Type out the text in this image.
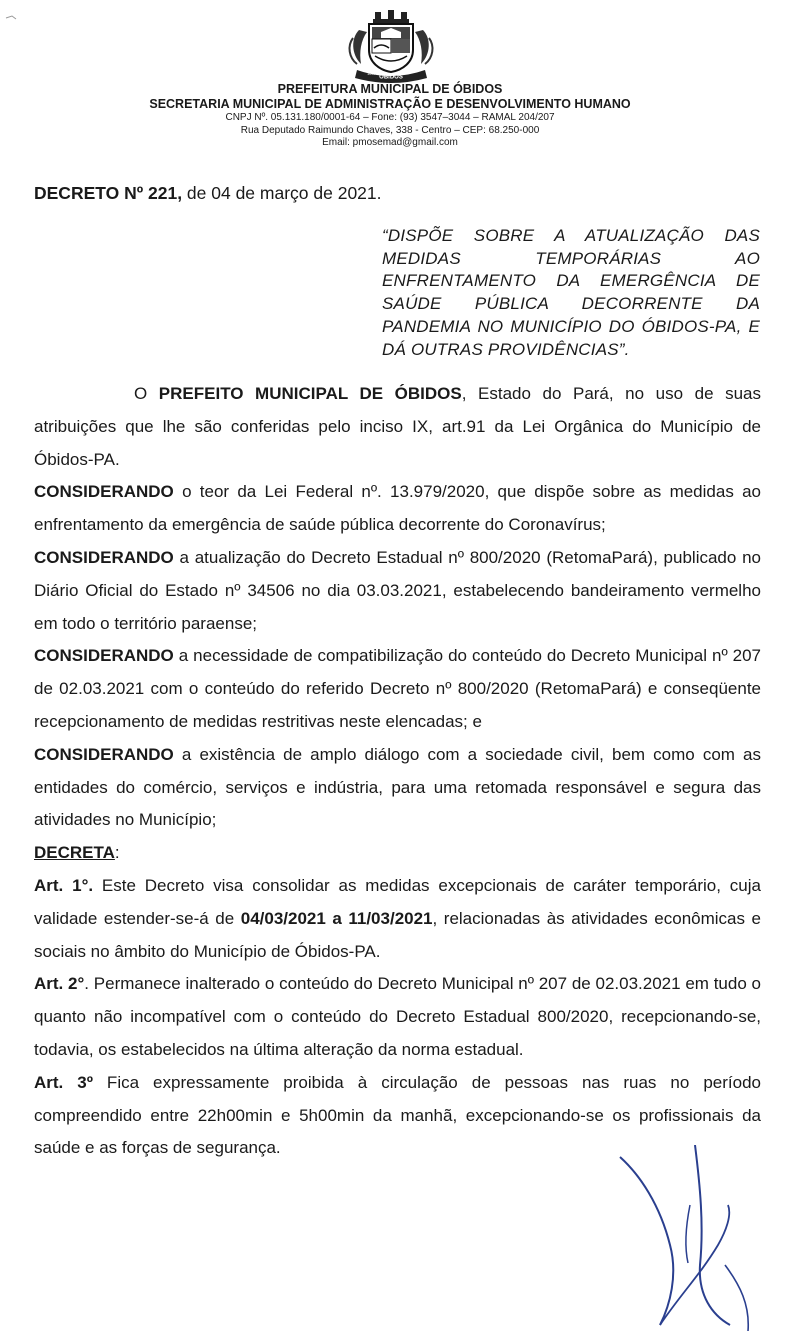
ÓBIDOS
1697 · 1758
PREFEITURA MUNICIPAL DE ÓBIDOS
SECRETARIA MUNICIPAL DE ADMINISTRAÇÃO E DESENVOLVIMENTO HUMANO
CNPJ Nº. 05.131.180/0001-64 – Fone: (93) 3547–3044 – RAMAL 204/207
Rua Deputado Raimundo Chaves, 338 - Centro – CEP: 68.250-000
Email: pmosemad@gmail.com
DECRETO Nº 221, de 04 de março de 2021.
“DISPÕE SOBRE A ATUALIZAÇÃO DAS MEDIDAS TEMPORÁRIAS AO ENFRENTAMENTO DA EMERGÊNCIA DE SAÚDE PÚBLICA DECORRENTE DA PANDEMIA NO MUNICÍPIO DO ÓBIDOS-PA, E DÁ OUTRAS PROVIDÊNCIAS”.

O PREFEITO MUNICIPAL DE ÓBIDOS, Estado do Pará, no uso de suas atribuições que lhe são conferidas pelo inciso IX, art.91 da Lei Orgânica do Município de Óbidos-PA.

CONSIDERANDO o teor da Lei Federal nº. 13.979/2020, que dispõe sobre as medidas ao enfrentamento da emergência de saúde pública decorrente do Coronavírus;

CONSIDERANDO a atualização do Decreto Estadual nº 800/2020 (RetomaPará), publicado no Diário Oficial do Estado nº 34506 no dia 03.03.2021, estabelecendo bandeiramento vermelho em todo o território paraense;

CONSIDERANDO a necessidade de compatibilização do conteúdo do Decreto Municipal nº 207 de 02.03.2021 com o conteúdo do referido Decreto nº 800/2020 (RetomaPará) e conseqüente recepcionamento de medidas restritivas neste elencadas; e

CONSIDERANDO a existência de amplo diálogo com a sociedade civil, bem como com as entidades do comércio, serviços e indústria, para uma retomada responsável e segura das atividades no Município;

DECRETA:

Art. 1°. Este Decreto visa consolidar as medidas excepcionais de caráter temporário, cuja validade estender-se-á de 04/03/2021 a 11/03/2021, relacionadas às atividades econômicas e sociais no âmbito do Município de Óbidos-PA.

Art. 2°. Permanece inalterado o conteúdo do Decreto Municipal nº 207 de 02.03.2021 em tudo o quanto não incompatível com o conteúdo do Decreto Estadual 800/2020, recepcionando-se, todavia, os estabelecidos na última alteração da norma estadual.

Art. 3º Fica expressamente proibida à circulação de pessoas nas ruas no período compreendido entre 22h00min e 5h00min da manhã, excepcionando-se os profissionais da saúde e as forças de segurança.
